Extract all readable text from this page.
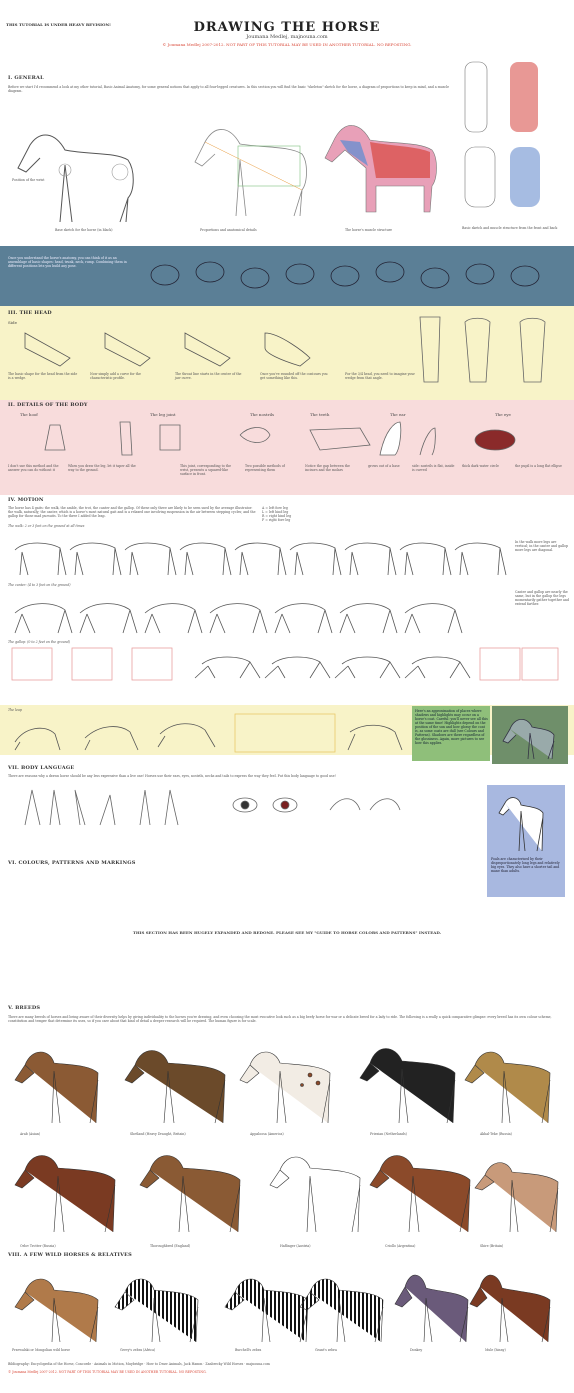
THIS TUTORIAL IS UNDER HEAVY REVISION!	DRAWING THE HORSE
Joumana Medlej, majnouna.com
© Joumana Medlej 2007-2012. NOT PART OF THIS TUTORIAL MAY BE USED IN ANOTHER TUTORIAL. NO REPOSTING.
I. GENERAL
Before we start I'd recommend a look at my other tutorial, Basic Animal Anatomy, for some general notions that apply to all four-legged creatures. In this section you will find the basic "skeleton" sketch for the horse, a diagram of proportions to keep in mind, and a muscle diagram.
Position of the wrist
Base sketch for the horse (in black)	Proportions and anatomical details	The horse's muscle structure	Basic sketch and muscle structure from the front and back
Once you understand the horse's anatomy, you can think of it as an assemblage of basic shapes: head, trunk, neck, rump. Combining them in different positions lets you build any pose.
III. THE HEAD
Side
The basic shape for the head from the side is a wedge.
Now simply add a curve for the characteristic profile.
The throat line starts in the center of the jaw curve.
Once you've rounded off the contours you get something like this.
For the 3/4 head, you need to imagine your wedge from that angle.
II. DETAILS OF THE BODY
The hoof	The leg joint	The nostrils	The teeth	The ear	The eye
I don't use this method and the answer you can do without it
When you draw the leg, let it taper all the way to the ground.
This joint, corresponding to the wrist, presents a squared-like surface in front.
Two possible methods of representing them
Notice the gap between the incisors and the molars
grows out of a base	side: nostrils is flat, inside is curved
thick dark water circle	the pupil is a long flat ellipse
IV. MOTION
The horse has 4 gaits: the walk, the amble, the trot, the canter and the gallop. Of these only three are likely to be seen used by the average illustrator: the walk, naturally; the canter, which is a horse's most natural gait and is a relaxed one involving suspension in the air between stepping cycles; and the gallop for those mad pursuits. To the three I added the leap.
A = left fore leg
L = left hind leg
R = right hind leg
F = right fore leg
The walk: 2 or 3 feet on the ground at all times
In the walk more legs are vertical; in the canter and gallop more legs are diagonal.
The canter: (4 to 3 feet on the ground)
Canter and gallop are nearly the same, but in the gallop the legs momentarily gather together and extend farther.
The gallop: (0 to 2 feet on the ground)
The leap	Here's an approximation of places where shadows and highlights may occur on a horse's coat. Careful: you'll never see all this at the same time! Highlights depend on the position of the sun and how glossy the coat is, as some coats are dull (see Colours and Patterns). Shadows are there regardless of the glossiness. Again, more pictures to see how this applies.
VII. BODY LANGUAGE
There are reasons why a drawn horse should be any less expressive than a live one! Horses use their ears, eyes, nostrils, necks and tails to express the way they feel. Put this body language to good use!
Foals are characterised by their disproportionately long legs and relatively big eyes. They also have a shorter tail and mane than adults.
VI. COLOURS, PATTERNS AND MARKINGS
THIS SECTION HAS BEEN HUGELY EXPANDED AND REDONE. PLEASE SEE MY "GUIDE TO HORSE COLORS AND PATTERNS" INSTEAD.
V. BREEDS
There are many breeds of horses and being aware of their diversity helps by giving individuality to the horses you're drawing, and even choosing the most evocative look such as a big beefy horse for war or a delicate breed for a lady to ride. The following is a really a quick comparative glimpse: every breed has its own colour scheme, constitution and temper that determine its uses, so if you care about that kind of detail a deeper research will be required. The human figure is for scale.
Arab (Asian)	Shetland (Heavy Draught, Britain)	Appaloosa (America)	Friesian (Netherlands)	Akhal-Teke (Russia)
Orlov Trotter (Russia)	Thoroughbred (England)	Haflinger (Austria)	Criollo (Argentina)	Shire (Britain)
VIII. A FEW WILD HORSES & RELATIVES
Przewalski or Mongolian wild horse	Grevy's zebra (Africa)	Burchell's zebra	Grant's zebra	Donkey	Mule (hinny)
Bibliography: Encyclopedia of the Horse, Concorde · Animals in Motion, Muybridge · How to Draw Animals, Jack Hamm · Zanbrecky Wild Horses · majnouna.com
© Joumana Medlej 2007-2012. NOT PART OF THIS TUTORIAL MAY BE USED IN ANOTHER TUTORIAL. NO REPOSTING.
